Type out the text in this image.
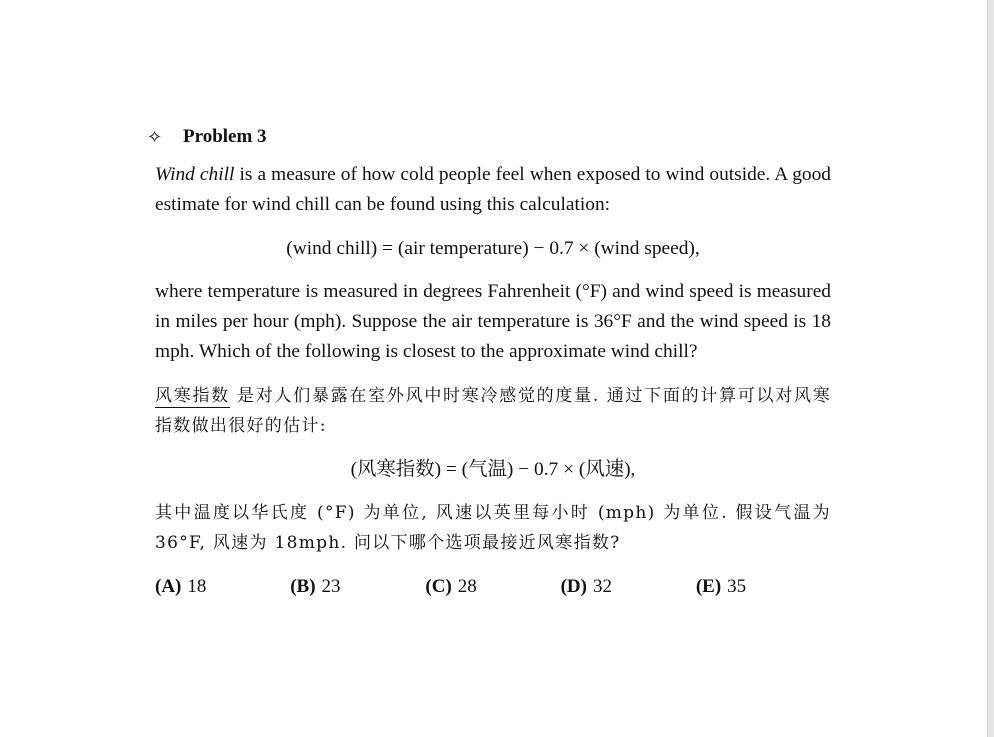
✧	Problem 3

Wind chill is a measure of how cold people feel when exposed to wind outside. A good estimate for wind chill can be found using this calculation:

(wind chill) = (air temperature) − 0.7 × (wind speed),

where temperature is measured in degrees Fahrenheit (°F) and wind speed is measured in miles per hour (mph). Suppose the air temperature is 36°F and the wind speed is 18 mph. Which of the following is closest to the approximate wind chill?

风寒指数 是对人们暴露在室外风中时寒冷感觉的度量. 通过下面的计算可以对风寒指数做出很好的估计:

(风寒指数) = (气温) − 0.7 × (风速),

其中温度以华氏度 (°F) 为单位, 风速以英里每小时 (mph) 为单位. 假设气温为 36°F, 风速为 18mph. 问以下哪个选项最接近风寒指数?

(A) 18	(B) 23	(C) 28	(D) 32	(E) 35
